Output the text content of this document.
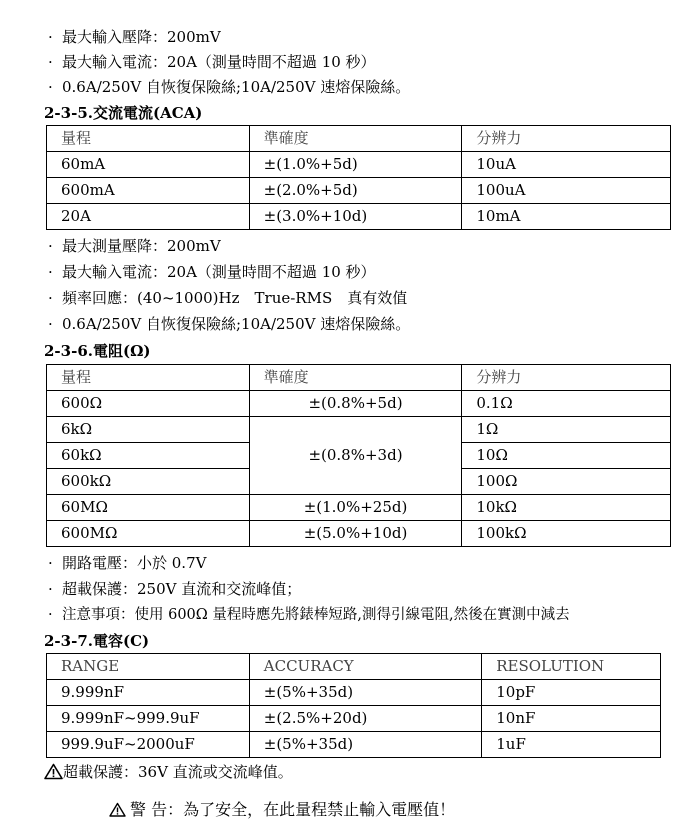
· 最大輸入壓降：200mV
· 最大輸入電流：20A（測量時間不超過 10 秒）
· 0.6A/250V 自恢復保險絲;10A/250V 速熔保險絲。
2-3-5.交流電流(ACA)
量程	準確度	分辨力
60mA	±(1.0%+5d)	10uA
600mA	±(2.0%+5d)	100uA
20A	±(3.0%+10d)	10mA
· 最大測量壓降：200mV
· 最大輸入電流：20A（測量時間不超過 10 秒）
· 頻率回應：(40~1000)Hz　True-RMS　真有效值
· 0.6A/250V 自恢復保險絲;10A/250V 速熔保險絲。
2-3-6.電阻(Ω)
量程	準確度	分辨力
600Ω	±(0.8%+5d)	0.1Ω
6kΩ	±(0.8%+3d)	1Ω
60kΩ		10Ω
600kΩ		100Ω
60MΩ	±(1.0%+25d)	10kΩ
600MΩ	±(5.0%+10d)	100kΩ
· 開路電壓：小於 0.7V
· 超載保護：250V 直流和交流峰值；
· 注意事項：使用 600Ω 量程時應先將錶棒短路,測得引線電阻,然後在實測中減去
2-3-7.電容(C)
RANGE	ACCURACY	RESOLUTION
9.999nF	±(5%+35d)	10pF
9.999nF~999.9uF	±(2.5%+20d)	10nF
999.9uF~2000uF	±(5%+35d)	1uF
超載保護：36V 直流或交流峰值。
警 告：為了安全，在此量程禁止輸入電壓值！
